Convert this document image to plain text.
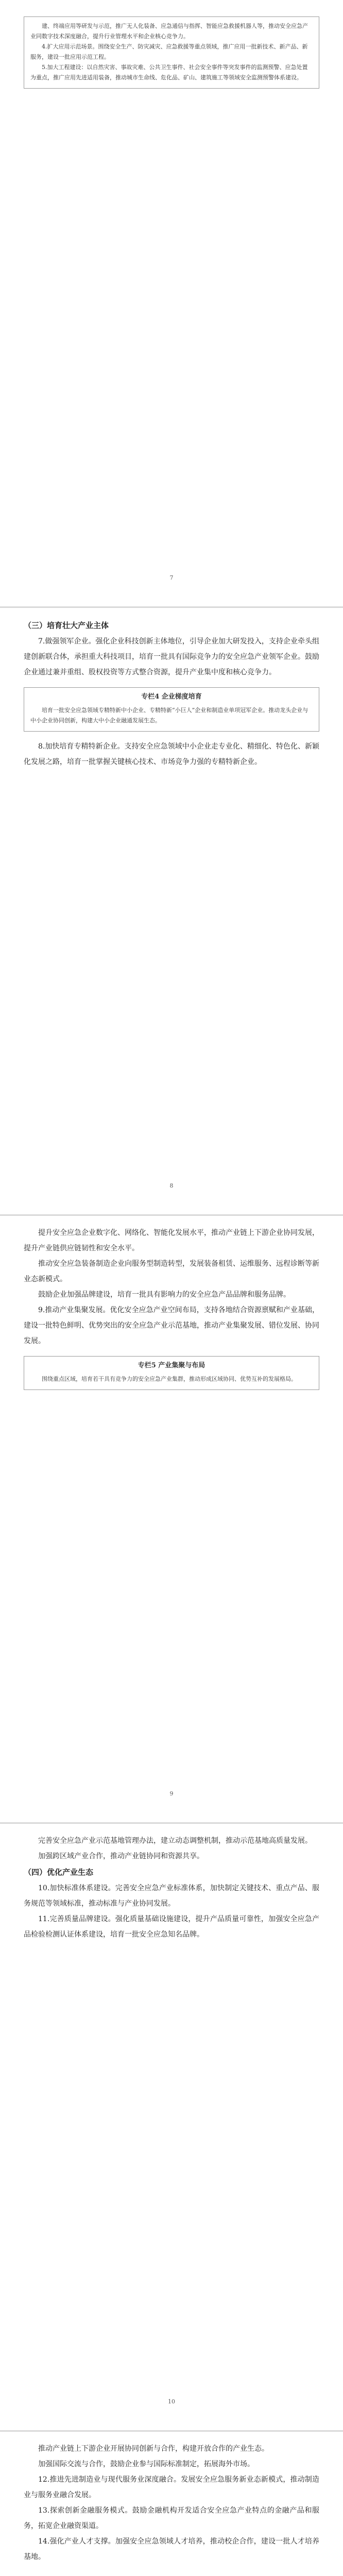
建、终端应用等研发与示范，推广无人化装备、应急通信与指挥、智能应急救援机器人等，推动安全应急产业同数字技术深度融合，提升行业管理水平和企业核心竞争力。

4.扩大应用示范场景。围绕安全生产、防灾减灾、应急救援等重点领域，推广应用一批新技术、新产品、新服务，建设一批应用示范工程。

5.加大工程建设：以自然灾害、事故灾难、公共卫生事件、社会安全事件等突发事件的监测预警、应急处置为重点，推广应用先进适用装备，推动城市生命线、危化品、矿山、建筑施工等领域安全监测预警体系建设。

7

（三）培育壮大产业主体

7.做强领军企业。强化企业科技创新主体地位，引导企业加大研发投入，支持企业牵头组建创新联合体，承担重大科技项目，培育一批具有国际竞争力的安全应急产业领军企业。鼓励企业通过兼并重组、股权投资等方式整合资源，提升产业集中度和核心竞争力。

专栏4 企业梯度培育

培育一批安全应急领域专精特新中小企业、专精特新“小巨人”企业和制造业单项冠军企业。推动龙头企业与中小企业协同创新，构建大中小企业融通发展生态。

8.加快培育专精特新企业。支持安全应急领域中小企业走专业化、精细化、特色化、新颖化发展之路，培育一批掌握关键核心技术、市场竞争力强的专精特新企业。

8

提升安全应急企业数字化、网络化、智能化发展水平，推动产业链上下游企业协同发展，提升产业链供应链韧性和安全水平。

推动安全应急装备制造企业向服务型制造转型，发展装备租赁、运维服务、远程诊断等新业态新模式。

鼓励企业加强品牌建设，培育一批具有影响力的安全应急产品品牌和服务品牌。

9.推动产业集聚发展。优化安全应急产业空间布局，支持各地结合资源禀赋和产业基础，建设一批特色鲜明、优势突出的安全应急产业示范基地，推动产业集聚发展、错位发展、协同发展。

专栏5 产业集聚与布局

围绕重点区域，培育若干具有竞争力的安全应急产业集群，推动形成区域协同、优势互补的发展格局。

9

完善安全应急产业示范基地管理办法，建立动态调整机制，推动示范基地高质量发展。

加强跨区域产业合作，推动产业链协同和资源共享。

（四）优化产业生态

10.加快标准体系建设。完善安全应急产业标准体系，加快制定关键技术、重点产品、服务规范等领域标准，推动标准与产业协同发展。

11.完善质量品牌建设。强化质量基础设施建设，提升产品质量可靠性，加强安全应急产品检验检测认证体系建设，培育一批安全应急知名品牌。

10

推动产业链上下游企业开展协同创新与合作，构建开放合作的产业生态。

加强国际交流与合作，鼓励企业参与国际标准制定，拓展海外市场。

12.推进先进制造业与现代服务业深度融合。发展安全应急服务新业态新模式，推动制造业与服务业融合发展。

13.探索创新金融服务模式。鼓励金融机构开发适合安全应急产业特点的金融产品和服务，拓宽企业融资渠道。

14.强化产业人才支撑。加强安全应急领域人才培养，推动校企合作，建设一批人才培养基地。
